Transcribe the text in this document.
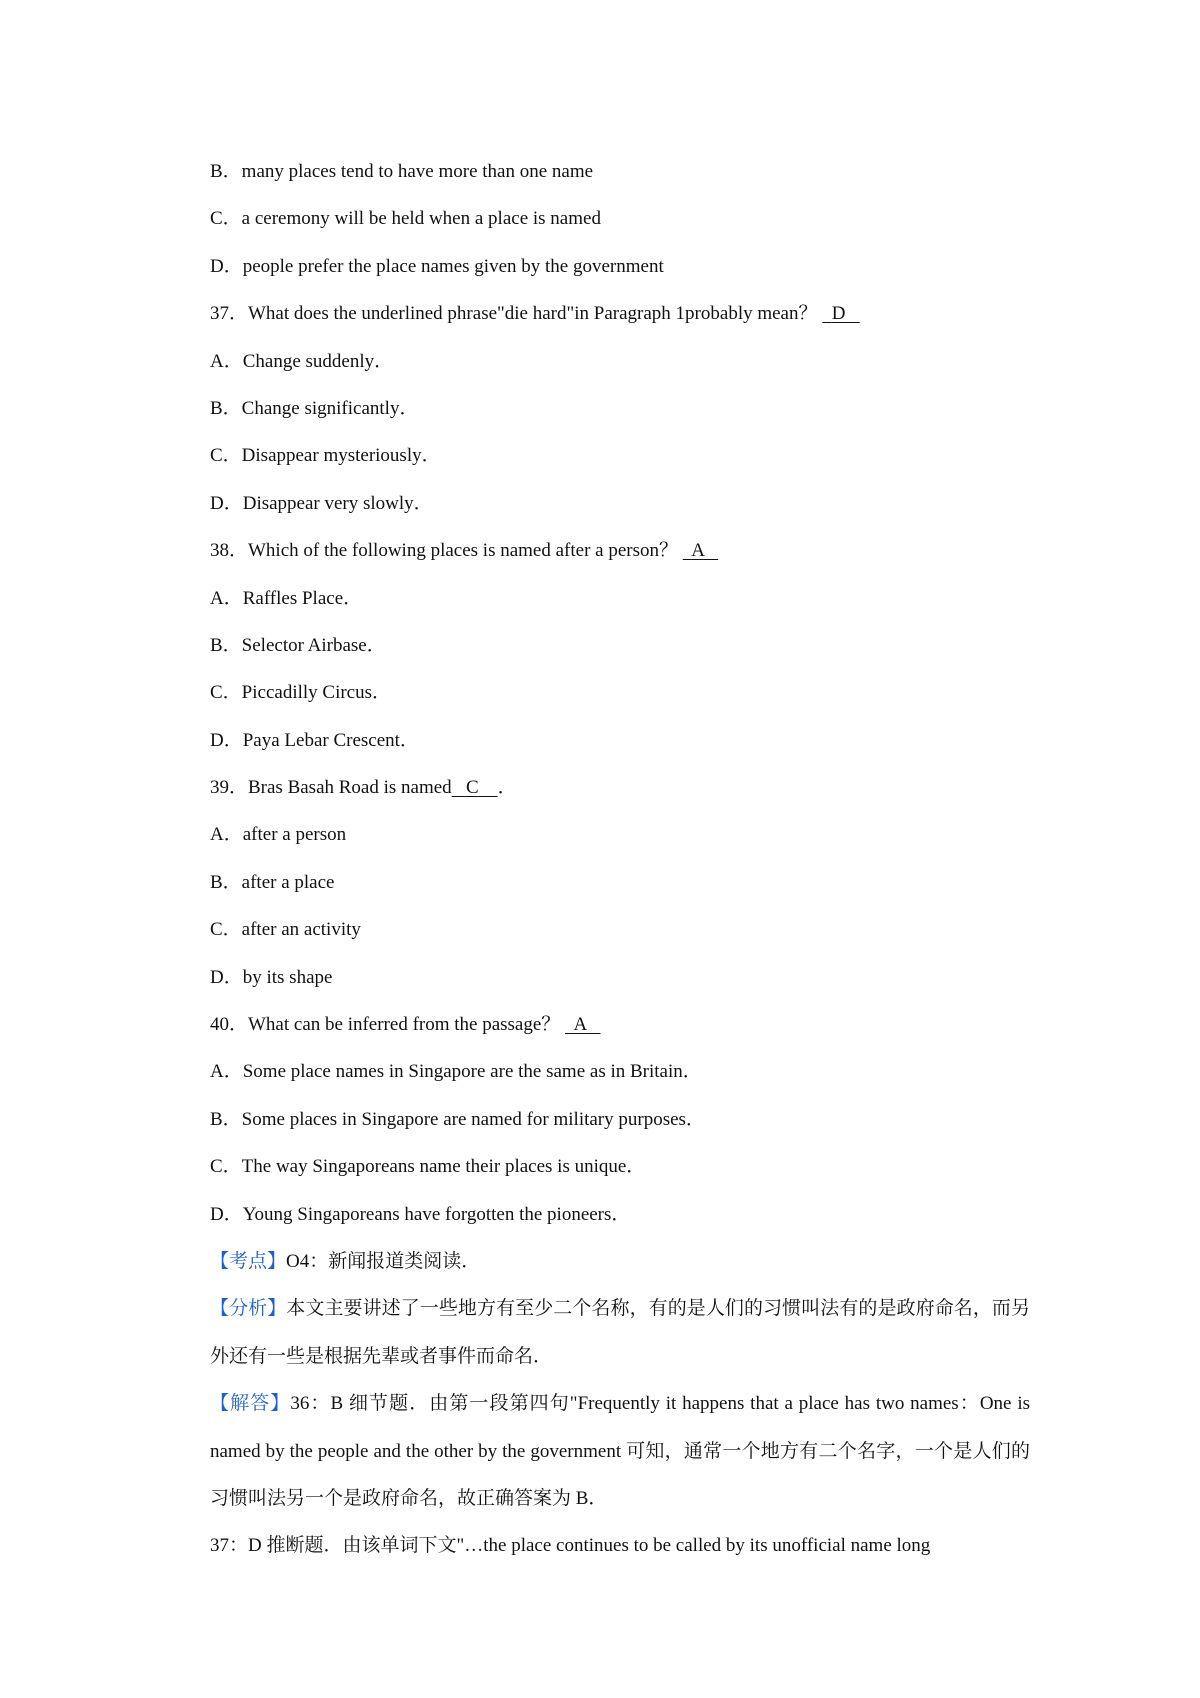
B．many places tend to have more than one name
C．a ceremony will be held when a place is named
D．people prefer the place names given by the government
37．What does the underlined phrase"die hard"in Paragraph 1probably mean？ D
A．Change suddenly．
B．Change significantly．
C．Disappear mysteriously．
D．Disappear very slowly．
38．Which of the following places is named after a person？ A
A．Raffles Place．
B．Selector Airbase．
C．Piccadilly Circus．
D．Paya Lebar Crescent．
39．Bras Basah Road is named C ．
A．after a person
B．after a place
C．after an activity
D．by its shape
40．What can be inferred from the passage？ A
A．Some place names in Singapore are the same as in Britain．
B．Some places in Singapore are named for military purposes．
C．The way Singaporeans name their places is unique．
D．Young Singaporeans have forgotten the pioneers．
【考点】O4：新闻报道类阅读．
【分析】本文主要讲述了一些地方有至少二个名称，有的是人们的习惯叫法有的是政府命名，而另外还有一些是根据先辈或者事件而命名．
【解答】36：B 细节题．由第一段第四句"Frequently it happens that a place has two names：One is named by the people and the other by the government 可知，通常一个地方有二个名字，一个是人们的习惯叫法另一个是政府命名，故正确答案为 B．
37：D 推断题．由该单词下文"…the place continues to be called by its unofficial name long
